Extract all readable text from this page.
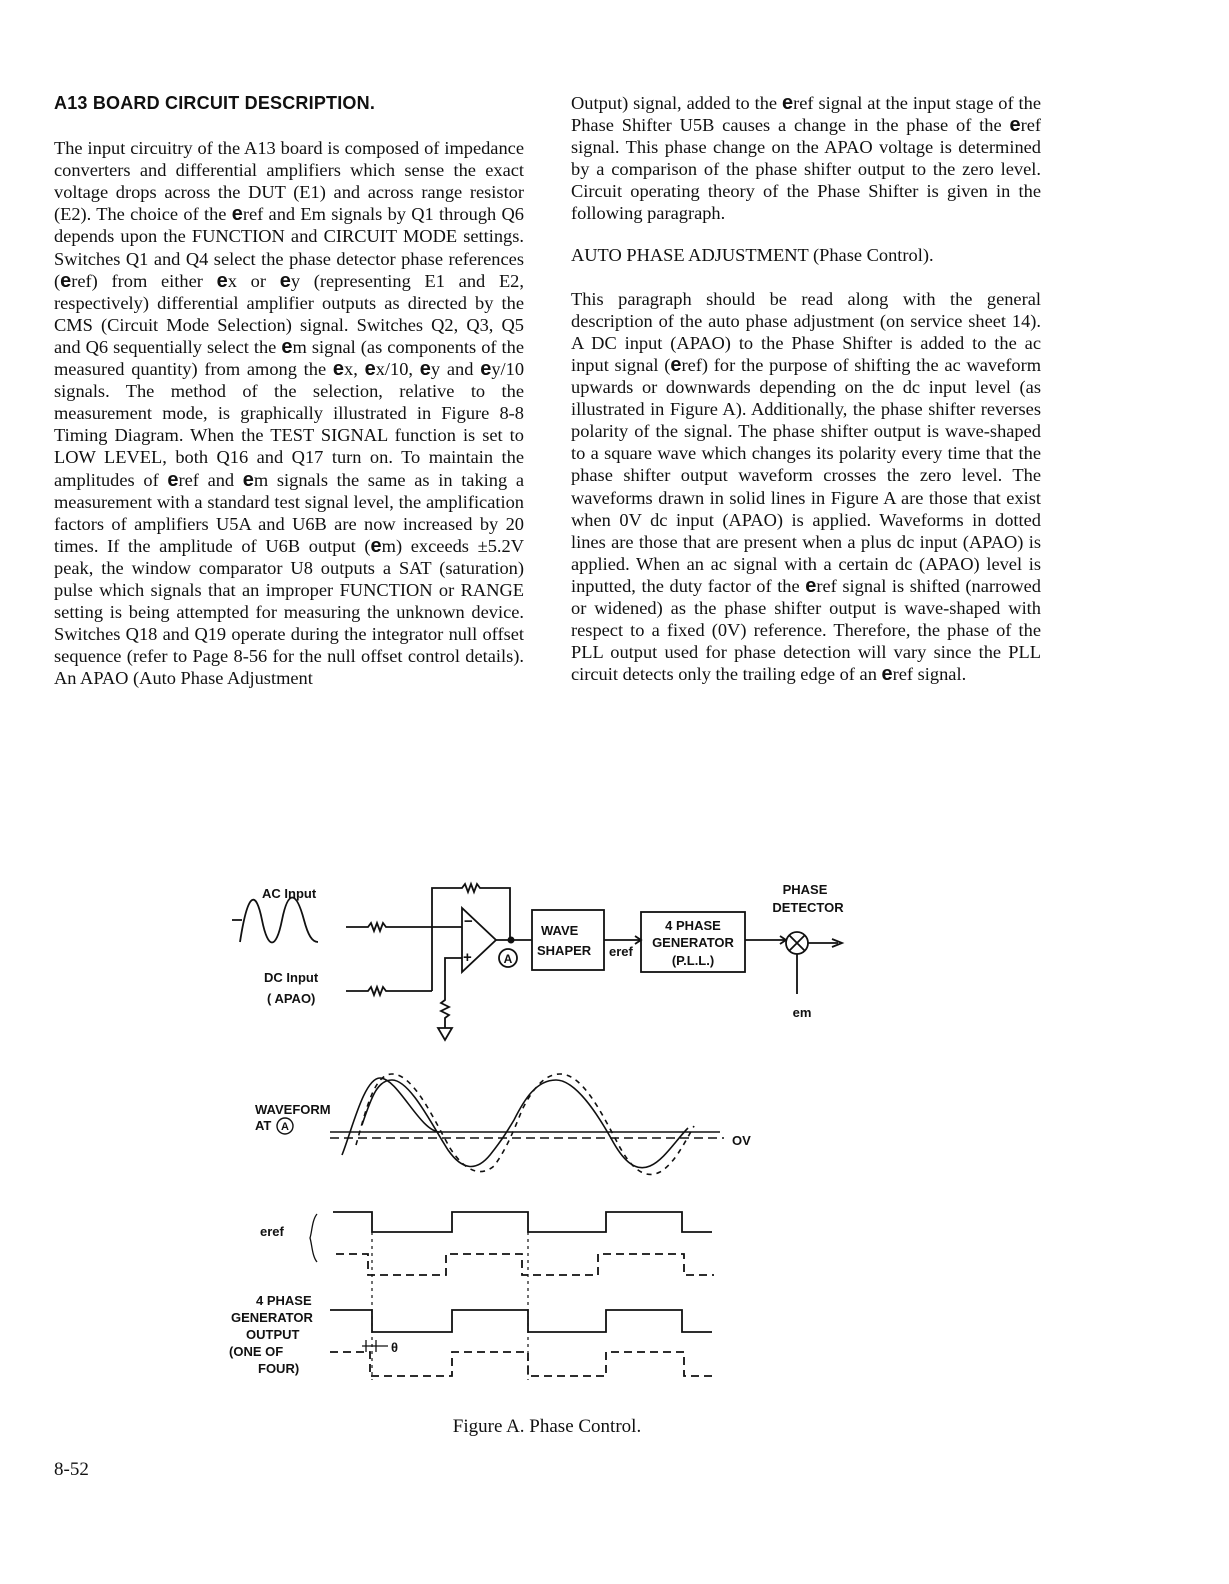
A13 BOARD CIRCUIT DESCRIPTION.

The input circuitry of the A13 board is composed of impedance converters and differential amplifiers which sense the exact voltage drops across the DUT (E1) and across range resistor (E2). The choice of the eref and Em signals by Q1 through Q6 depends upon the FUNCTION and CIRCUIT MODE settings. Switches Q1 and Q4 select the phase detector phase references (eref) from either ex or ey (representing E1 and E2, respectively) differential amplifier outputs as directed by the CMS (Circuit Mode Selection) signal. Switches Q2, Q3, Q5 and Q6 sequentially select the em signal (as components of the measured quantity) from among the ex, ex/10, ey and ey/10 signals. The method of the selection, relative to the measurement mode, is graphically illustrated in Figure 8-8 Timing Diagram. When the TEST SIGNAL function is set to LOW LEVEL, both Q16 and Q17 turn on. To maintain the amplitudes of eref and em signals the same as in taking a measurement with a standard test signal level, the amplification factors of amplifiers U5A and U6B are now increased by 20 times. If the amplitude of U6B output (em) exceeds ±5.2V peak, the window comparator U8 outputs a SAT (saturation) pulse which signals that an improper FUNCTION or RANGE setting is being attempted for measuring the unknown device. Switches Q18 and Q19 operate during the integrator null offset sequence (refer to Page 8-56 for the null offset control details). An APAO (Auto Phase Adjustment

Output) signal, added to the eref signal at the input stage of the Phase Shifter U5B causes a change in the phase of the eref signal. This phase change on the APAO voltage is determined by a comparison of the phase shifter output to the zero level. Circuit operating theory of the Phase Shifter is given in the following paragraph.

AUTO PHASE ADJUSTMENT (Phase Control).

This paragraph should be read along with the general description of the auto phase adjustment (on service sheet 14). A DC input (APAO) to the Phase Shifter is added to the ac input signal (eref) for the purpose of shifting the ac waveform upwards or downwards depending on the dc input level (as illustrated in Figure A). Additionally, the phase shifter reverses polarity of the signal. The phase shifter output is wave-shaped to a square wave which changes its polarity every time that the phase shifter output waveform crosses the zero level. The waveforms drawn in solid lines in Figure A are those that exist when 0V dc input (APAO) is applied. Waveforms in dotted lines are those that are present when a plus dc input (APAO) is applied. When an ac signal with a certain dc (APAO) level is inputted, the duty factor of the eref signal is shifted (narrowed or widened) as the phase shifter output is wave-shaped with respect to a fixed (0V) reference. Therefore, the phase of the PLL output used for phase detection will vary since the PLL circuit detects only the trailing edge of an eref signal.

AC Input
DC Input
( APAO)
−
+	A
WAVE
SHAPER eref
4 PHASE
GENERATOR
(P.L.L.)
PHASE
DETECTOR
em
WAVEFORM
AT A
OV
eref
4 PHASE
GENERATOR
OUTPUT
(ONE OF
FOUR)
θ
Figure A. Phase Control.
8-52
